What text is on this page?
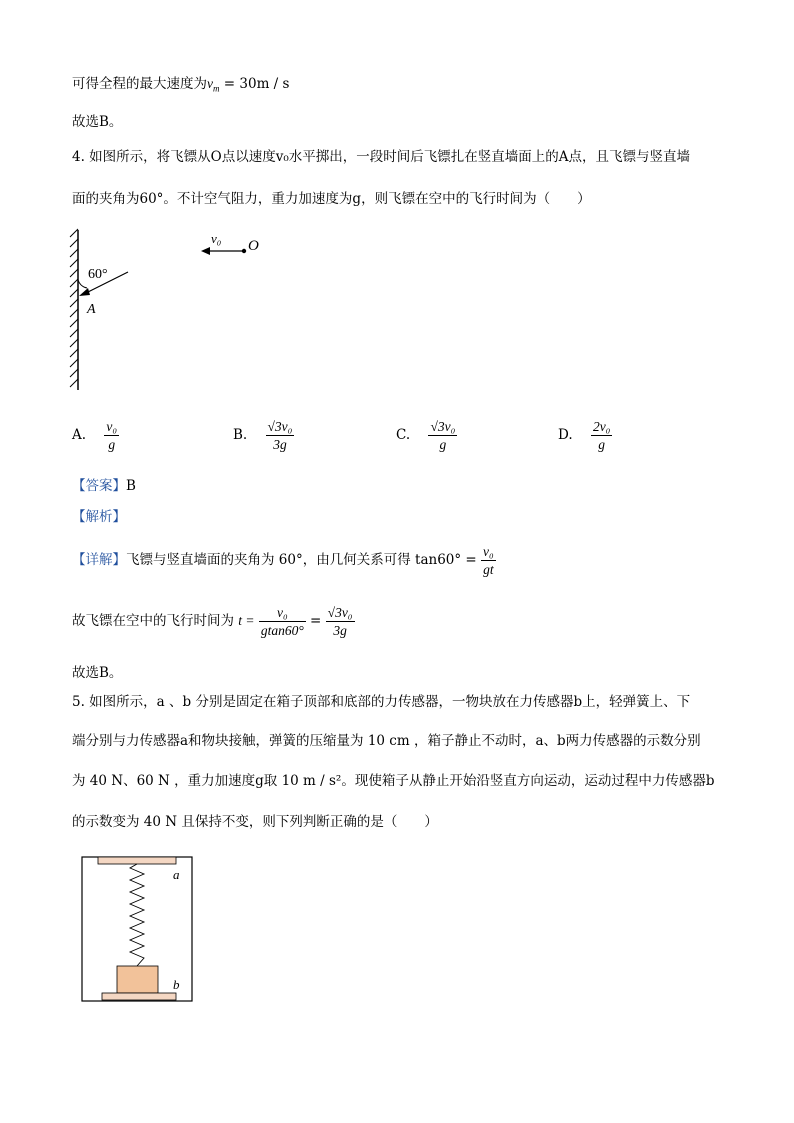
可得全程的最大速度为$v_m = 30m / s$
故选B。
4. 如图所示，将飞镖从O点以速度v₀水平掷出，一段时间后飞镖扎在竖直墙面上的A点，且飞镖与竖直墙
面的夹角为60°。不计空气阻力，重力加速度为g，则飞镖在空中的飞行时间为（　　）
60°
A
v₀ O
A. $\frac{\text{v₀}}{g}$	B. $\frac{\text{√3v₀}}{3g}$	C. $\frac{\text{√3v₀}}{g}$	D. $\frac{\text{2v₀}}{g}$
【答案】B
【解析】
【详解】飞镖与竖直墙面的夹角为 60°，由几何关系可得 $\tan 60^\circ = \frac{\text{v₀}}{gt}$
故飞镖在空中的飞行时间为 $t = \frac{\text{v₀}}{gtan60^\circ} = \frac{\text{√3v₀}}{3g}$
故选B。
5. 如图所示，a 、b 分别是固定在箱子顶部和底部的力传感器，一物块放在力传感器b上，轻弹簧上、下
端分别与力传感器a和物块接触，弹簧的压缩量为 10 cm ，箱子静止不动时，a、b两力传感器的示数分别
为 40 N、60 N ，重力加速度g取 10 m / s²。现使箱子从静止开始沿竖直方向运动，运动过程中力传感器b
的示数变为 40 N 且保持不变，则下列判断正确的是（　　）
a
b
